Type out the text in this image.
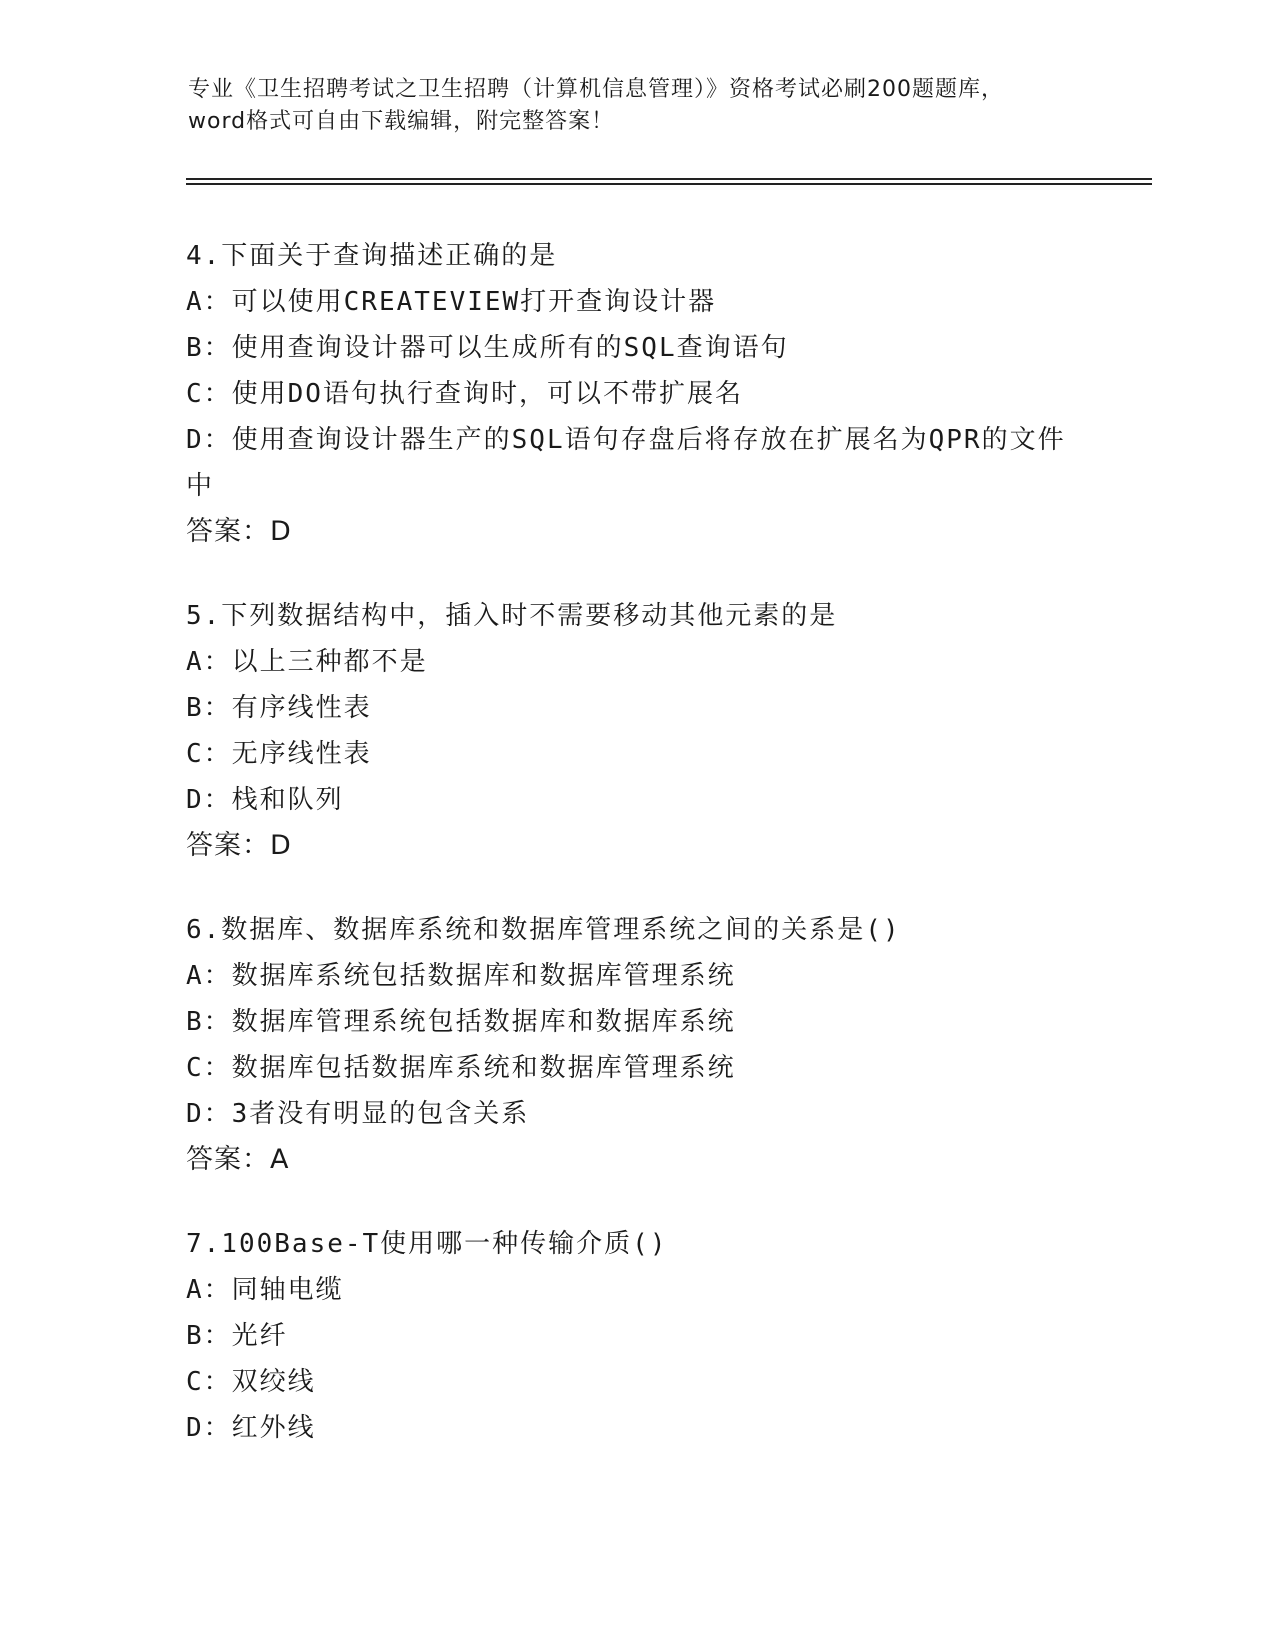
专业《卫生招聘考试之卫生招聘（计算机信息管理）》资格考试必刷200题题库，
word格式可自由下载编辑，附完整答案！
4.下面关于查询描述正确的是
A：可以使用CREATEVIEW打开查询设计器
B：使用查询设计器可以生成所有的SQL查询语句
C：使用DO语句执行查询时，可以不带扩展名
D：使用查询设计器生产的SQL语句存盘后将存放在扩展名为QPR的文件中
答案：D
5.下列数据结构中，插入时不需要移动其他元素的是
A：以上三种都不是
B：有序线性表
C：无序线性表
D：栈和队列
答案：D
6.数据库、数据库系统和数据库管理系统之间的关系是()
A：数据库系统包括数据库和数据库管理系统
B：数据库管理系统包括数据库和数据库系统
C：数据库包括数据库系统和数据库管理系统
D：3者没有明显的包含关系
答案：A
7.100Base-T使用哪一种传输介质()
A：同轴电缆
B：光纤
C：双绞线
D：红外线
